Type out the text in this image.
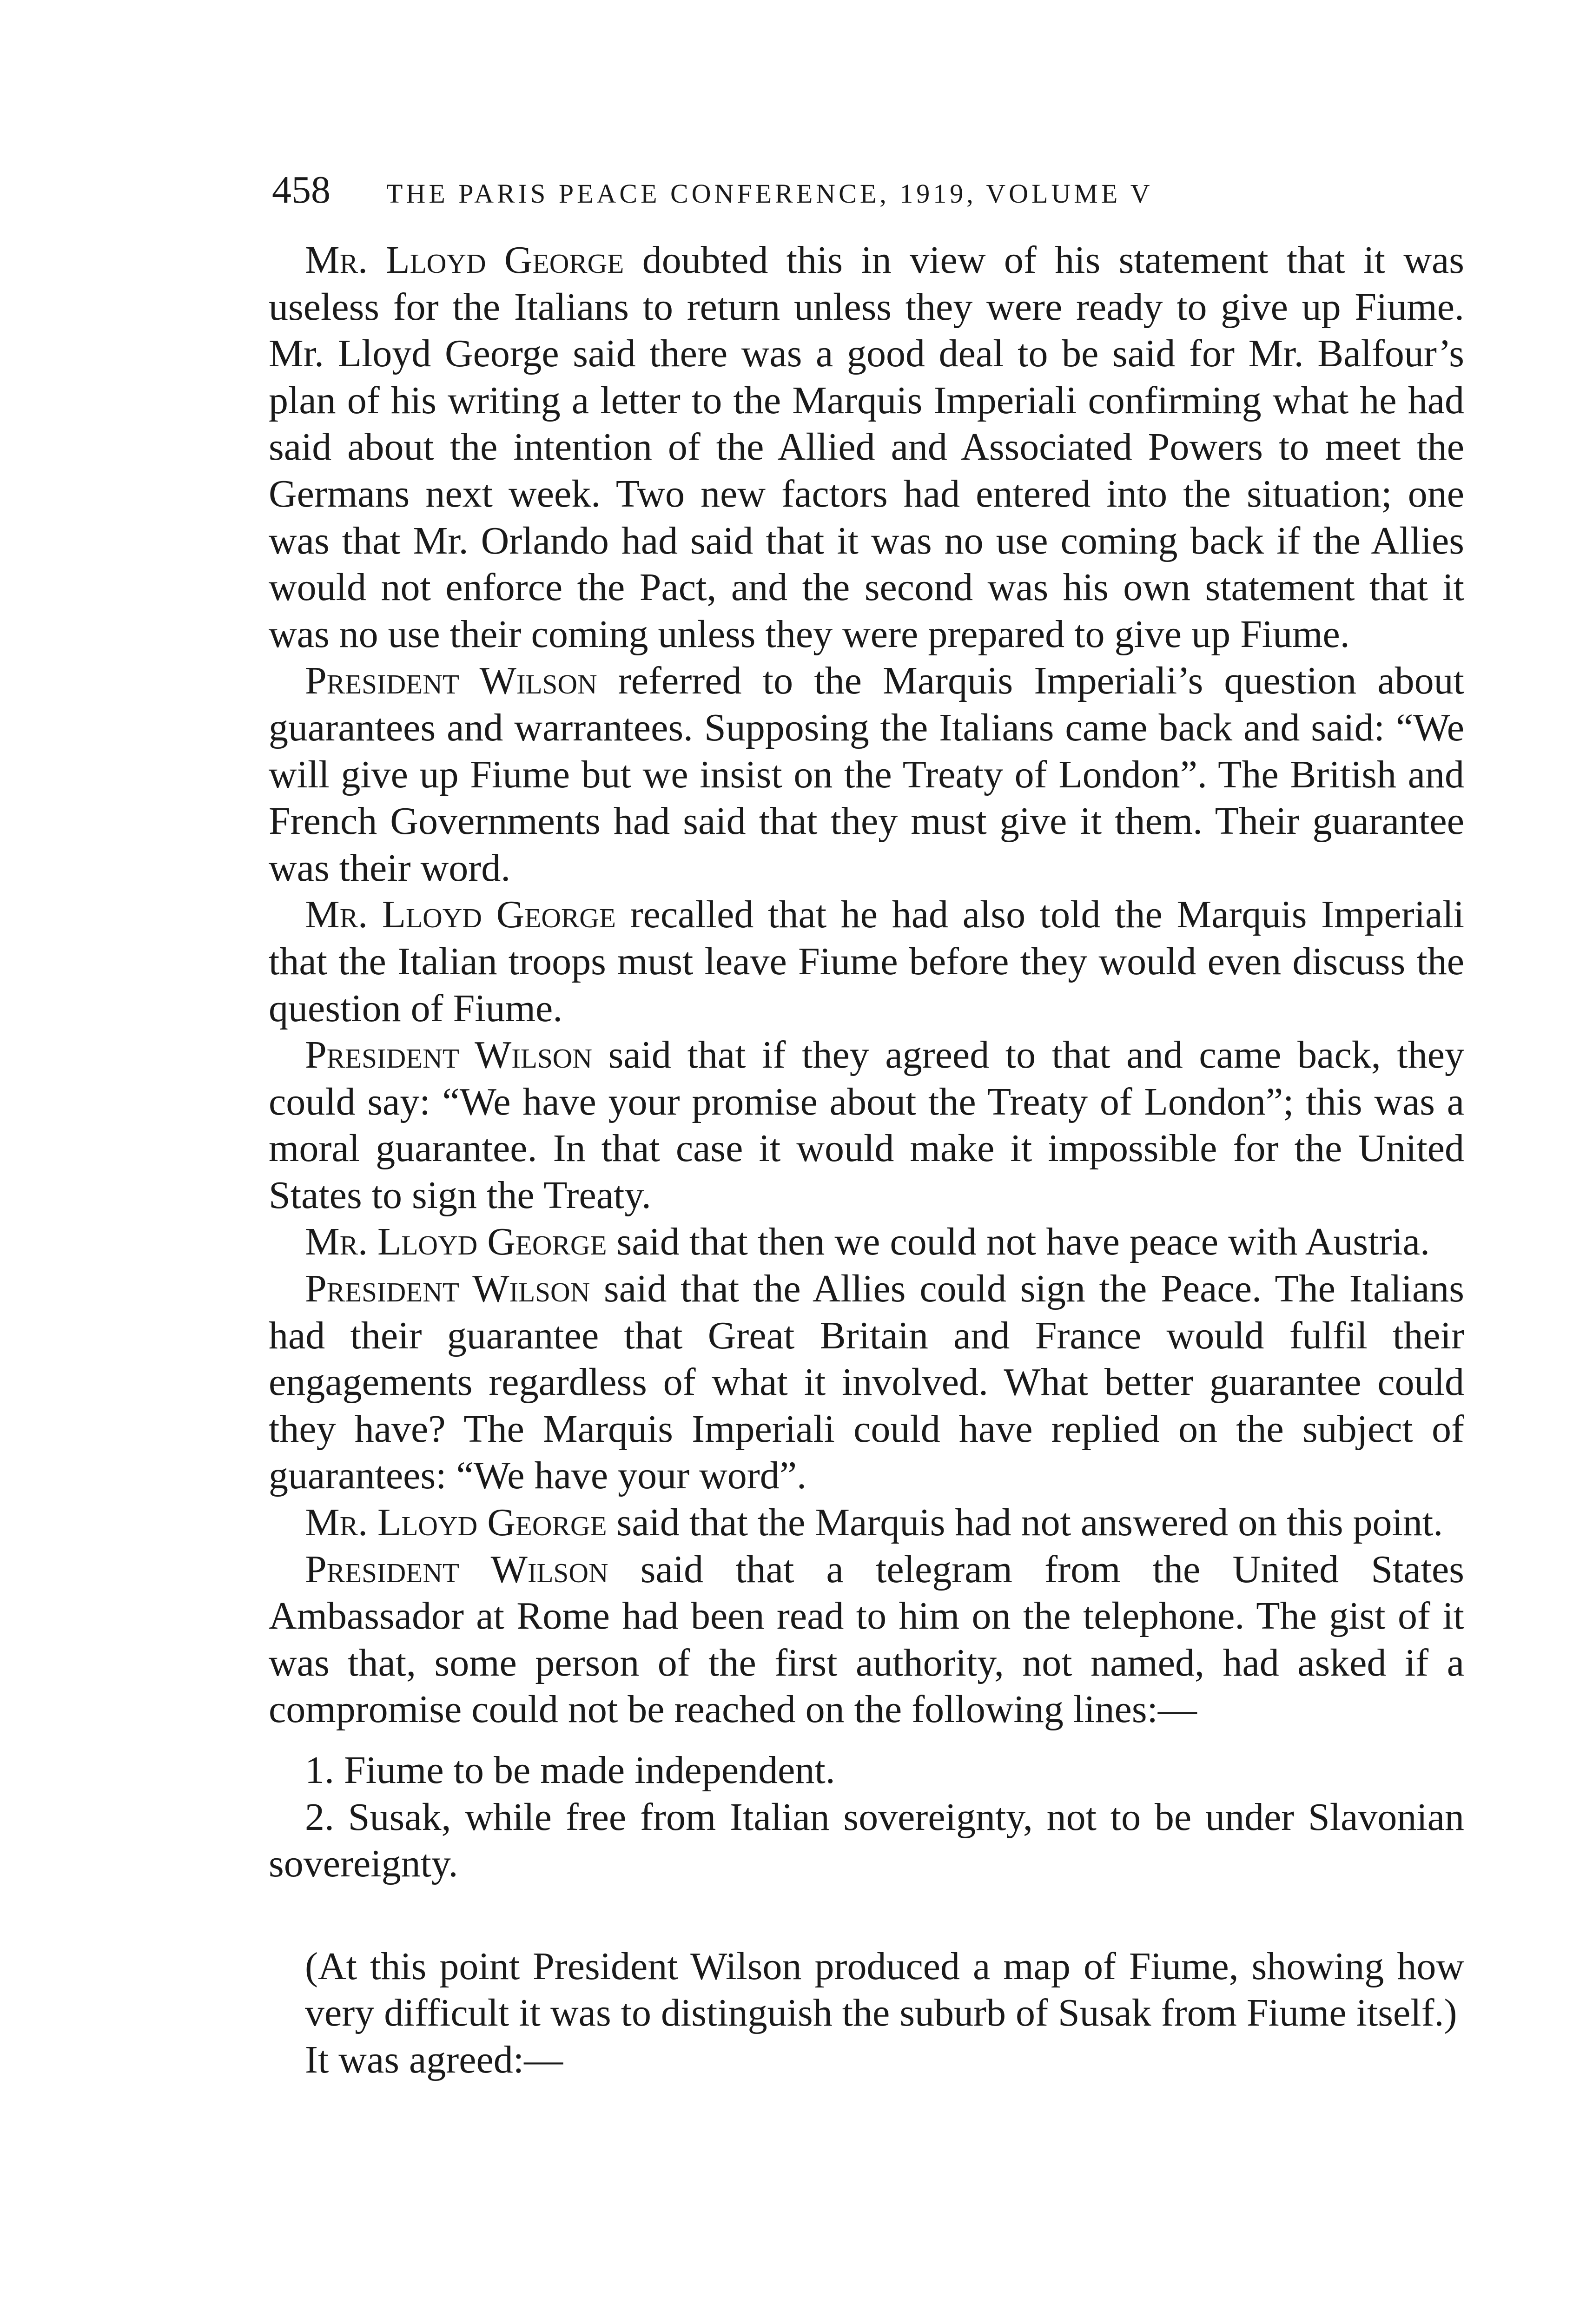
458 THE PARIS PEACE CONFERENCE, 1919, VOLUME V

Mr. Lloyd George doubted this in view of his statement that it was useless for the Italians to return unless they were ready to give up Fiume. Mr. Lloyd George said there was a good deal to be said for Mr. Balfour’s plan of his writing a letter to the Marquis Imperiali confirming what he had said about the intention of the Allied and Associated Powers to meet the Germans next week. Two new factors had entered into the situation; one was that Mr. Orlando had said that it was no use coming back if the Allies would not enforce the Pact, and the second was his own statement that it was no use their coming unless they were prepared to give up Fiume.

President Wilson referred to the Marquis Imperiali’s question about guarantees and warrantees. Supposing the Italians came back and said: “We will give up Fiume but we insist on the Treaty of London”. The British and French Governments had said that they must give it them. Their guarantee was their word.

Mr. Lloyd George recalled that he had also told the Marquis Imperiali that the Italian troops must leave Fiume before they would even discuss the question of Fiume.

President Wilson said that if they agreed to that and came back, they could say: “We have your promise about the Treaty of London”; this was a moral guarantee. In that case it would make it impossible for the United States to sign the Treaty.

Mr. Lloyd George said that then we could not have peace with Austria.

President Wilson said that the Allies could sign the Peace. The Italians had their guarantee that Great Britain and France would fulfil their engagements regardless of what it involved. What better guarantee could they have? The Marquis Imperiali could have replied on the subject of guarantees: “We have your word”.

Mr. Lloyd George said that the Marquis had not answered on this point.

President Wilson said that a telegram from the United States Ambassador at Rome had been read to him on the telephone. The gist of it was that, some person of the first authority, not named, had asked if a compromise could not be reached on the following lines:—

1. Fiume to be made independent.

2. Susak, while free from Italian sovereignty, not to be under Slavonian sovereignty.

(At this point President Wilson produced a map of Fiume, showing how very difficult it was to distinguish the suburb of Susak from Fiume itself.)

It was agreed:—
